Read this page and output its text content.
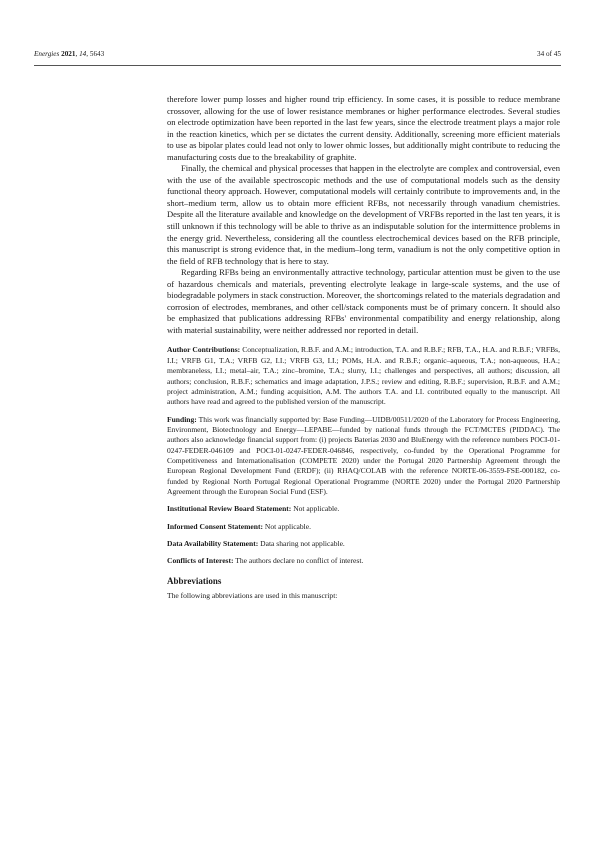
Energies 2021, 14, 5643	34 of 45

therefore lower pump losses and higher round trip efficiency. In some cases, it is possible to reduce membrane crossover, allowing for the use of lower resistance membranes or higher performance electrodes. Several studies on electrode optimization have been reported in the last few years, since the electrode treatment plays a major role in the reaction kinetics, which per se dictates the current density. Additionally, screening more efficient materials to use as bipolar plates could lead not only to lower ohmic losses, but additionally might contribute to reducing the manufacturing costs due to the breakability of graphite.

Finally, the chemical and physical processes that happen in the electrolyte are complex and controversial, even with the use of the available spectroscopic methods and the use of computational models such as the density functional theory approach. However, computational models will certainly contribute to improvements and, in the short–medium term, allow us to obtain more efficient RFBs, not necessarily through vanadium chemistries. Despite all the literature available and knowledge on the development of VRFBs reported in the last ten years, it is still unknown if this technology will be able to thrive as an indisputable solution for the intermittence problems in the energy grid. Nevertheless, considering all the countless electrochemical devices based on the RFB principle, this manuscript is strong evidence that, in the medium–long term, vanadium is not the only competitive option in the field of RFB technology that is here to stay.

Regarding RFBs being an environmentally attractive technology, particular attention must be given to the use of hazardous chemicals and materials, preventing electrolyte leakage in large-scale systems, and the use of biodegradable polymers in stack construction. Moreover, the shortcomings related to the materials degradation and corrosion of electrodes, membranes, and other cell/stack components must be of primary concern. It should also be emphasized that publications addressing RFBs' environmental compatibility and energy relationship, along with material sustainability, were neither addressed nor reported in detail.

Author Contributions: Conceptualization, R.B.F. and A.M.; introduction, T.A. and R.B.F.; RFB, T.A., H.A. and R.B.F.; VRFBs, I.I.; VRFB G1, T.A.; VRFB G2, I.I.; VRFB G3, I.I.; POMs, H.A. and R.B.F.; organic–aqueous, T.A.; non-aqueous, H.A.; membraneless, I.I.; metal–air, T.A.; zinc–bromine, T.A.; slurry, I.I.; challenges and perspectives, all authors; discussion, all authors; conclusion, R.B.F.; schematics and image adaptation, J.P.S.; review and editing, R.B.F.; supervision, R.B.F. and A.M.; project administration, A.M.; funding acquisition, A.M. The authors T.A. and I.I. contributed equally to the manuscript. All authors have read and agreed to the published version of the manuscript.

Funding: This work was financially supported by: Base Funding—UIDB/00511/2020 of the Laboratory for Process Engineering, Environment, Biotechnology and Energy—LEPABE—funded by national funds through the FCT/MCTES (PIDDAC). The authors also acknowledge financial support from: (i) projects Baterias 2030 and BluEnergy with the reference numbers POCI-01-0247-FEDER-046109 and POCI-01-0247-FEDER-046846, respectively, co-funded by the Operational Programme for Competitiveness and Internationalisation (COMPETE 2020) under the Portugal 2020 Partnership Agreement through the European Regional Development Fund (ERDF); (ii) RHAQ/COLAB with the reference NORTE-06-3559-FSE-000182, co-funded by Regional North Portugal Regional Operational Programme (NORTE 2020) under the Portugal 2020 Partnership Agreement through the European Social Fund (ESF).

Institutional Review Board Statement: Not applicable.

Informed Consent Statement: Not applicable.

Data Availability Statement: Data sharing not applicable.

Conflicts of Interest: The authors declare no conflict of interest.

Abbreviations

The following abbreviations are used in this manuscript:
